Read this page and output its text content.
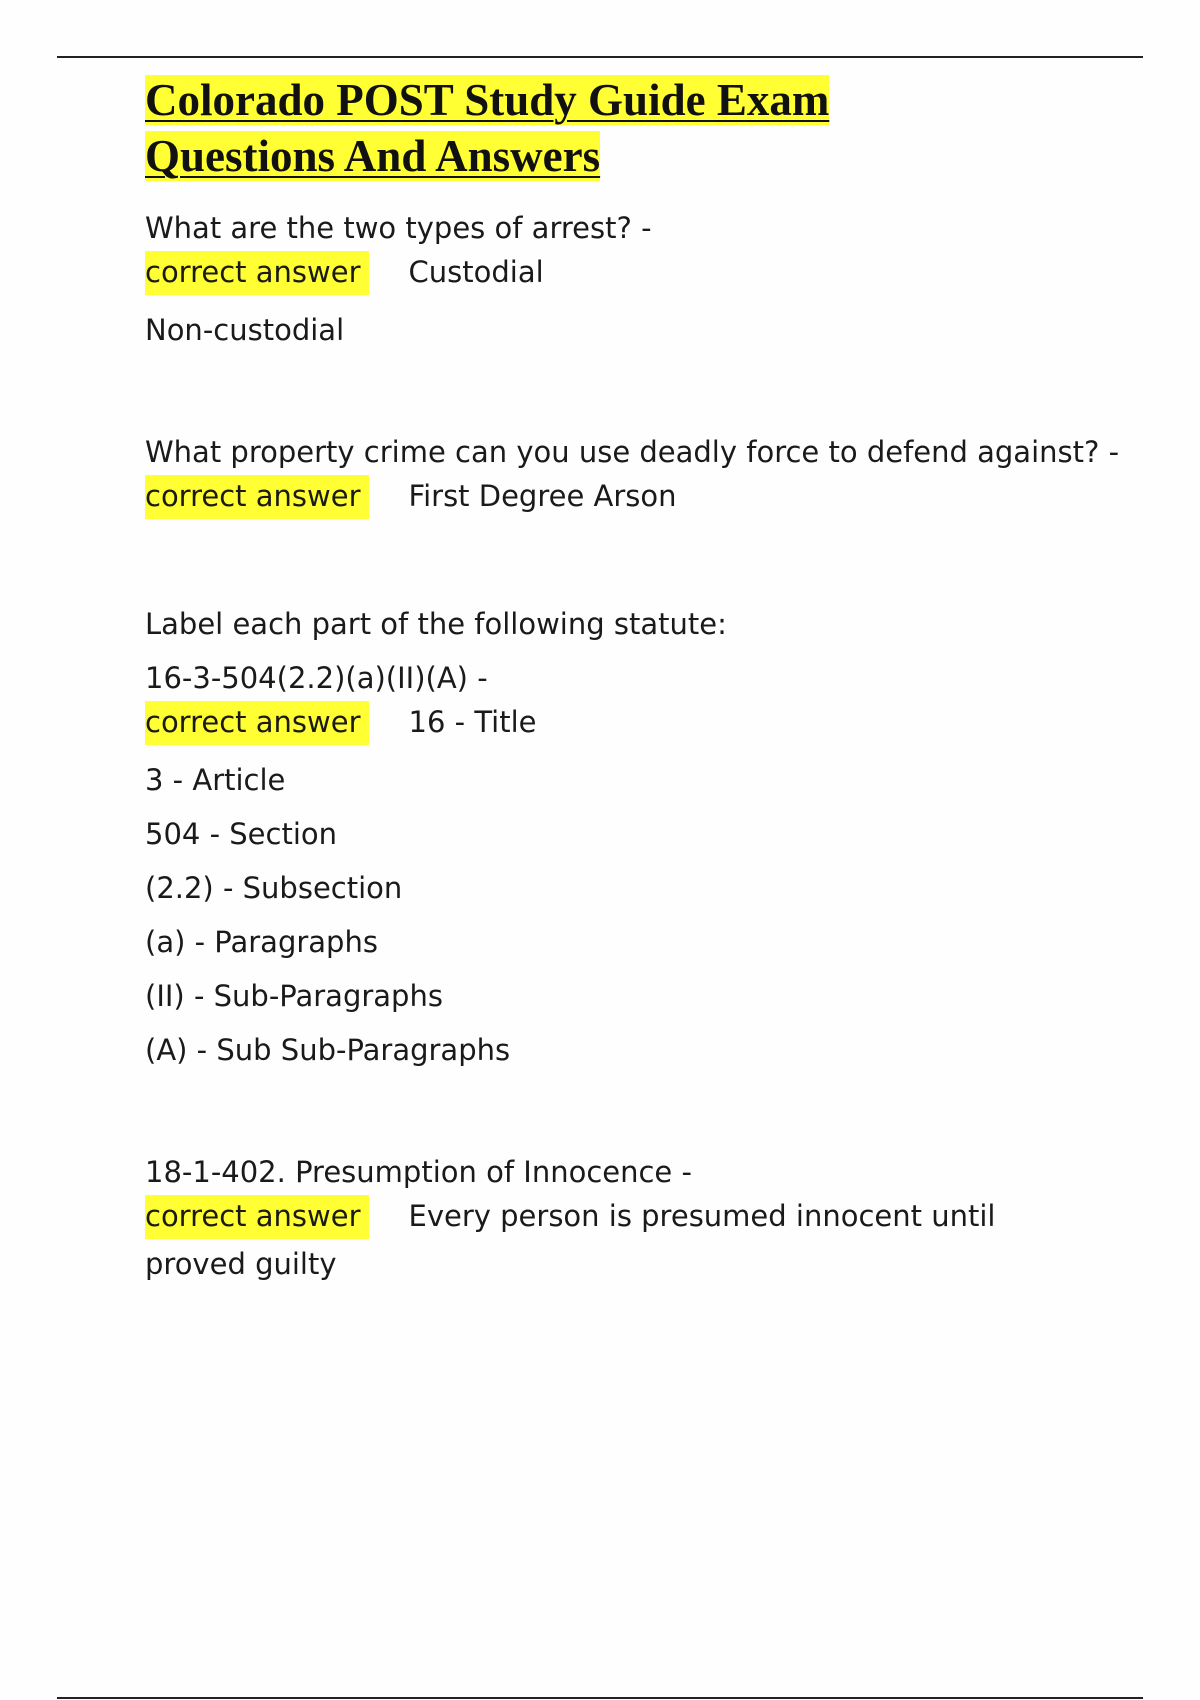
Colorado POST Study Guide Exam
Questions And Answers

What are the two types of arrest? -

correct answer Custodial

Non-custodial

What property crime can you use deadly force to defend against? -

correct answer First Degree Arson

Label each part of the following statute:

16-3-504(2.2)(a)(II)(A) -

correct answer 16 - Title

3 - Article

504 - Section

(2.2) - Subsection

(a) - Paragraphs

(II) - Sub-Paragraphs

(A) - Sub Sub-Paragraphs

18-1-402. Presumption of Innocence -

correct answer Every person is presumed innocent until proved guilty
